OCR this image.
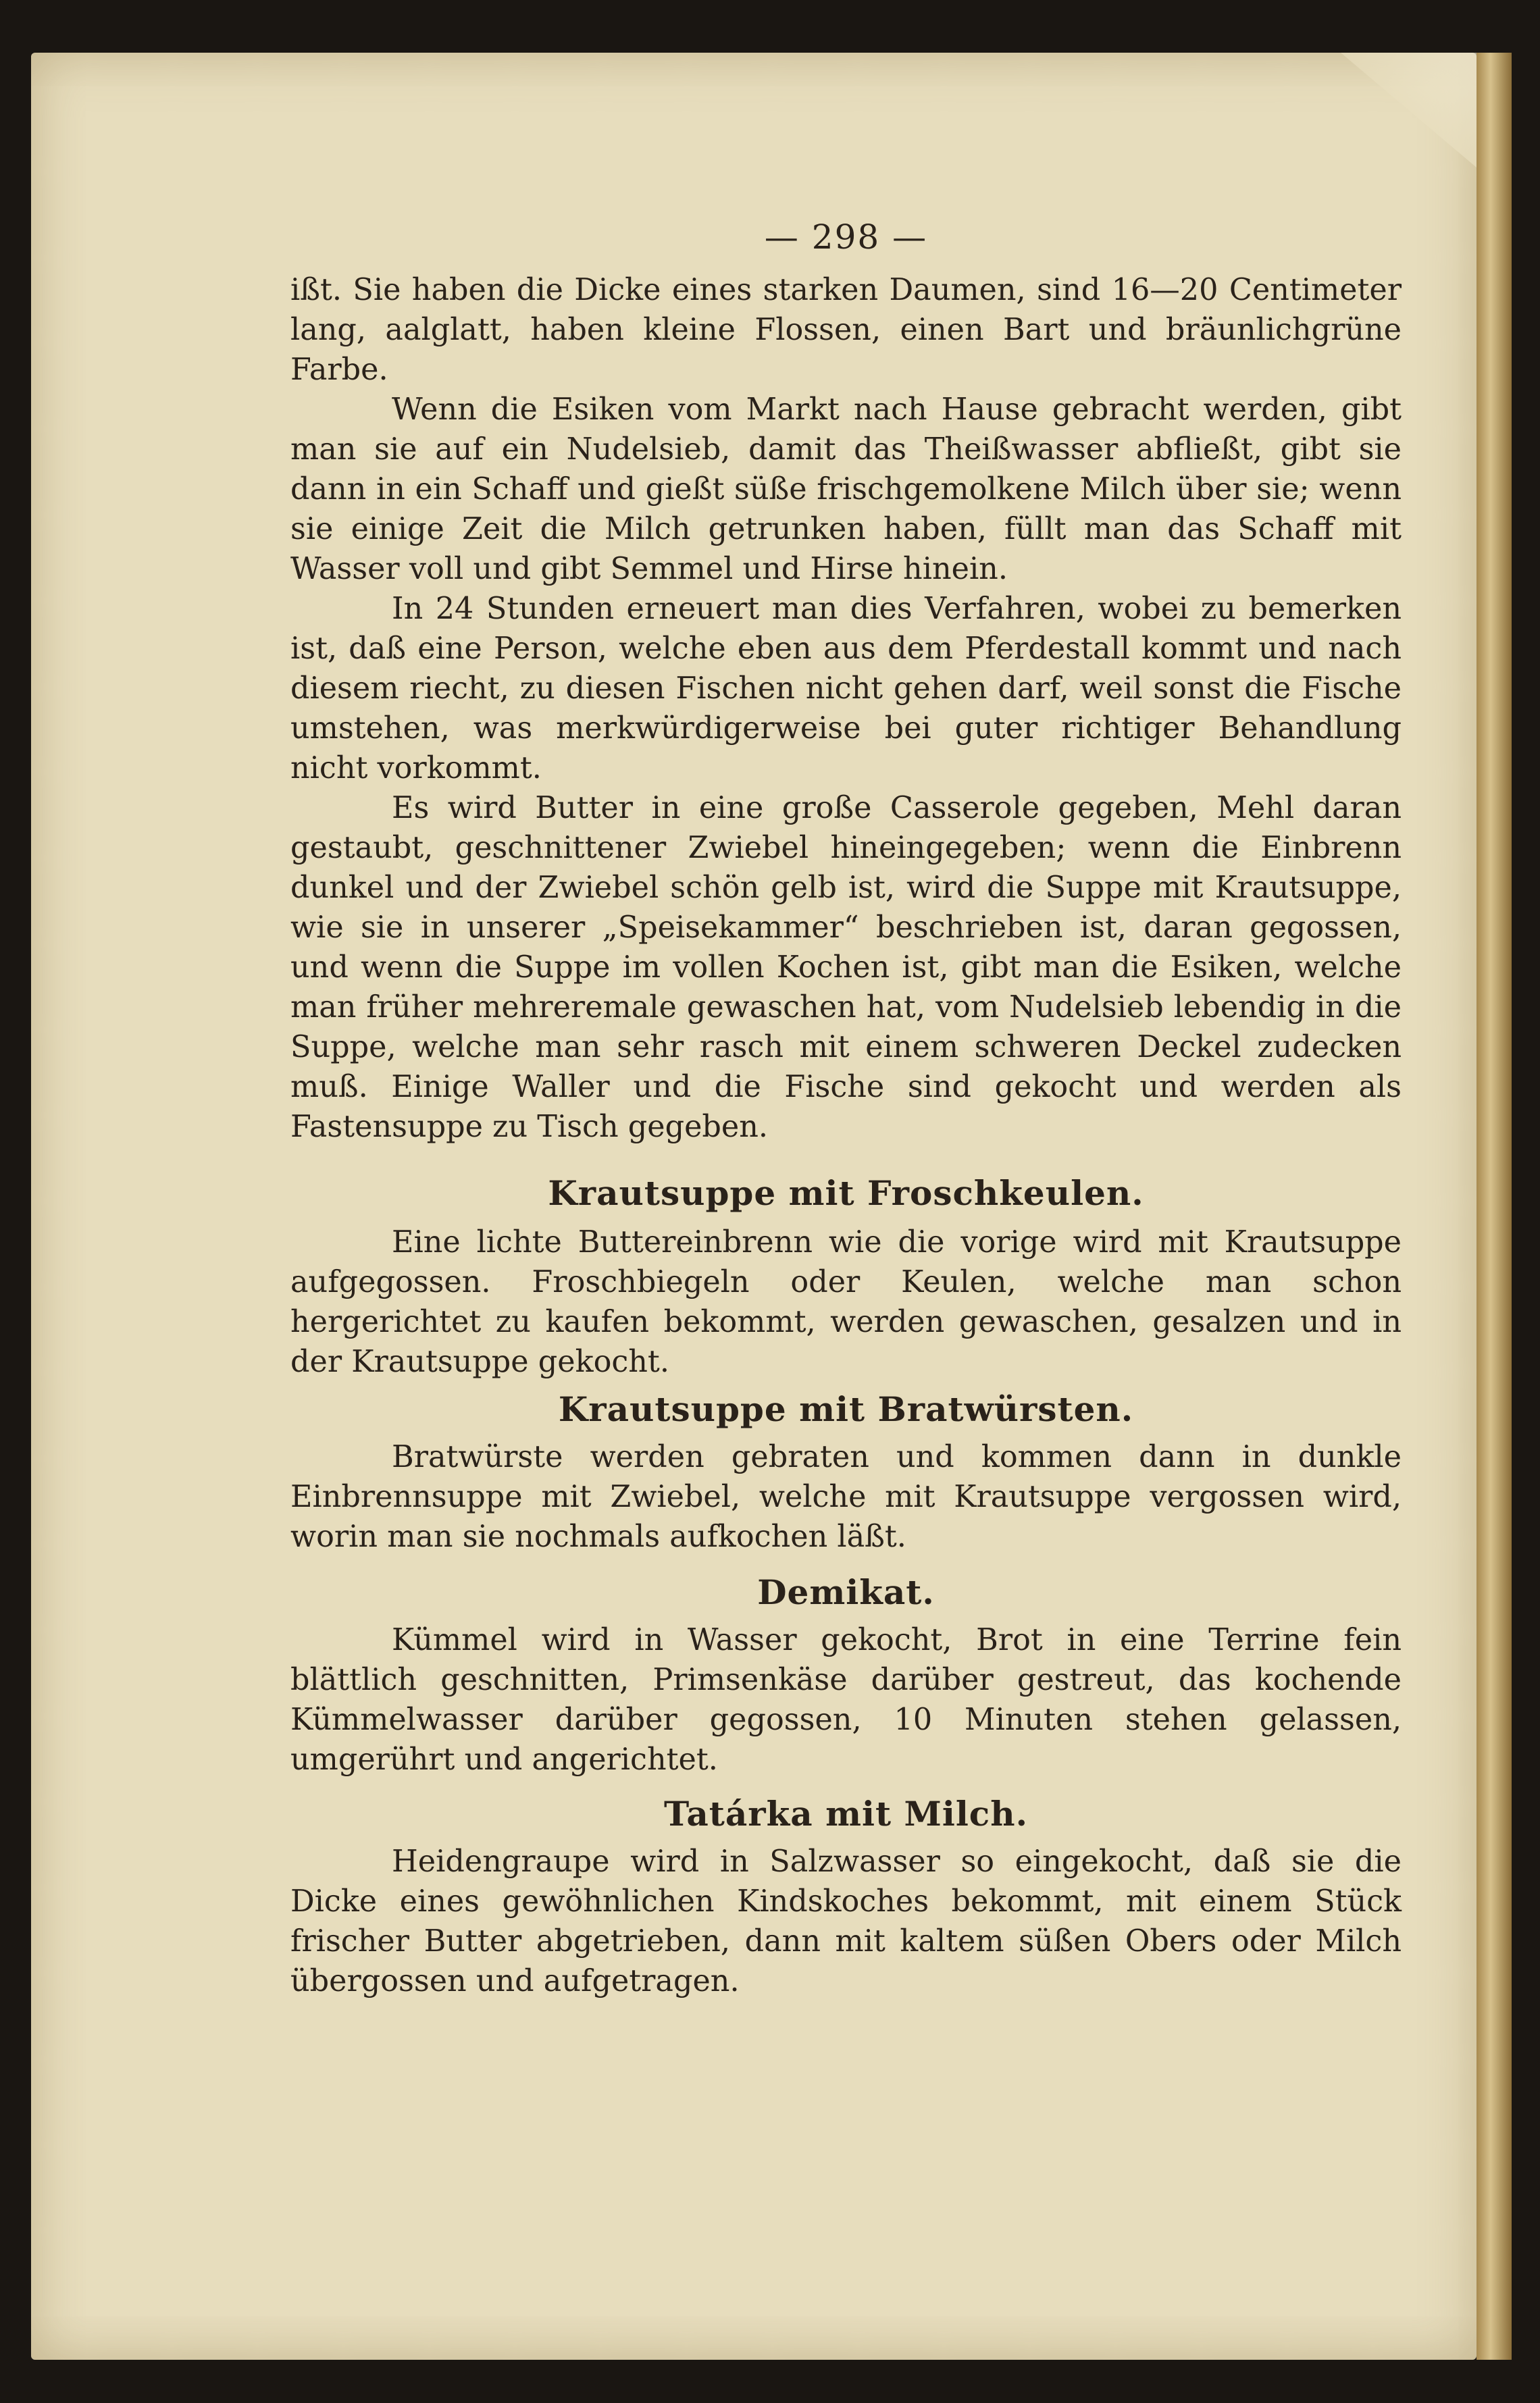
— 298 —

ißt. Sie haben die Dicke eines starken Daumen, sind 16—20 Centimeter lang, aalglatt, haben kleine Flossen, einen Bart und bräunlichgrüne Farbe.

Wenn die Esiken vom Markt nach Hause gebracht werden, gibt man sie auf ein Nudelsieb, damit das Theißwasser abfließt, gibt sie dann in ein Schaff und gießt süße frischgemolkene Milch über sie; wenn sie einige Zeit die Milch getrunken haben, füllt man das Schaff mit Wasser voll und gibt Semmel und Hirse hinein.

In 24 Stunden erneuert man dies Verfahren, wobei zu bemerken ist, daß eine Person, welche eben aus dem Pferdestall kommt und nach diesem riecht, zu diesen Fischen nicht gehen darf, weil sonst die Fische umstehen, was merkwürdigerweise bei guter richtiger Behandlung nicht vorkommt.

Es wird Butter in eine große Casserole gegeben, Mehl daran gestaubt, geschnittener Zwiebel hineingegeben; wenn die Einbrenn dunkel und der Zwiebel schön gelb ist, wird die Suppe mit Krautsuppe, wie sie in unserer „Speisekammer“ beschrieben ist, daran gegossen, und wenn die Suppe im vollen Kochen ist, gibt man die Esiken, welche man früher mehreremale gewaschen hat, vom Nudelsieb lebendig in die Suppe, welche man sehr rasch mit einem schweren Deckel zudecken muß. Einige Waller und die Fische sind gekocht und werden als Fastensuppe zu Tisch gegeben.

Krautsuppe mit Froschkeulen.

Eine lichte Buttereinbrenn wie die vorige wird mit Krautsuppe aufgegossen. Froschbiegeln oder Keulen, welche man schon hergerichtet zu kaufen bekommt, werden gewaschen, gesalzen und in der Krautsuppe gekocht.

Krautsuppe mit Bratwürsten.

Bratwürste werden gebraten und kommen dann in dunkle Einbrennsuppe mit Zwiebel, welche mit Krautsuppe vergossen wird, worin man sie nochmals aufkochen läßt.

Demikat.

Kümmel wird in Wasser gekocht, Brot in eine Terrine fein blättlich geschnitten, Primsenkäse darüber gestreut, das kochende Kümmelwasser darüber gegossen, 10 Minuten stehen gelassen, umgerührt und angerichtet.

Tatárka mit Milch.

Heidengraupe wird in Salzwasser so eingekocht, daß sie die Dicke eines gewöhnlichen Kindskoches bekommt, mit einem Stück frischer Butter abgetrieben, dann mit kaltem süßen Obers oder Milch übergossen und aufgetragen.
